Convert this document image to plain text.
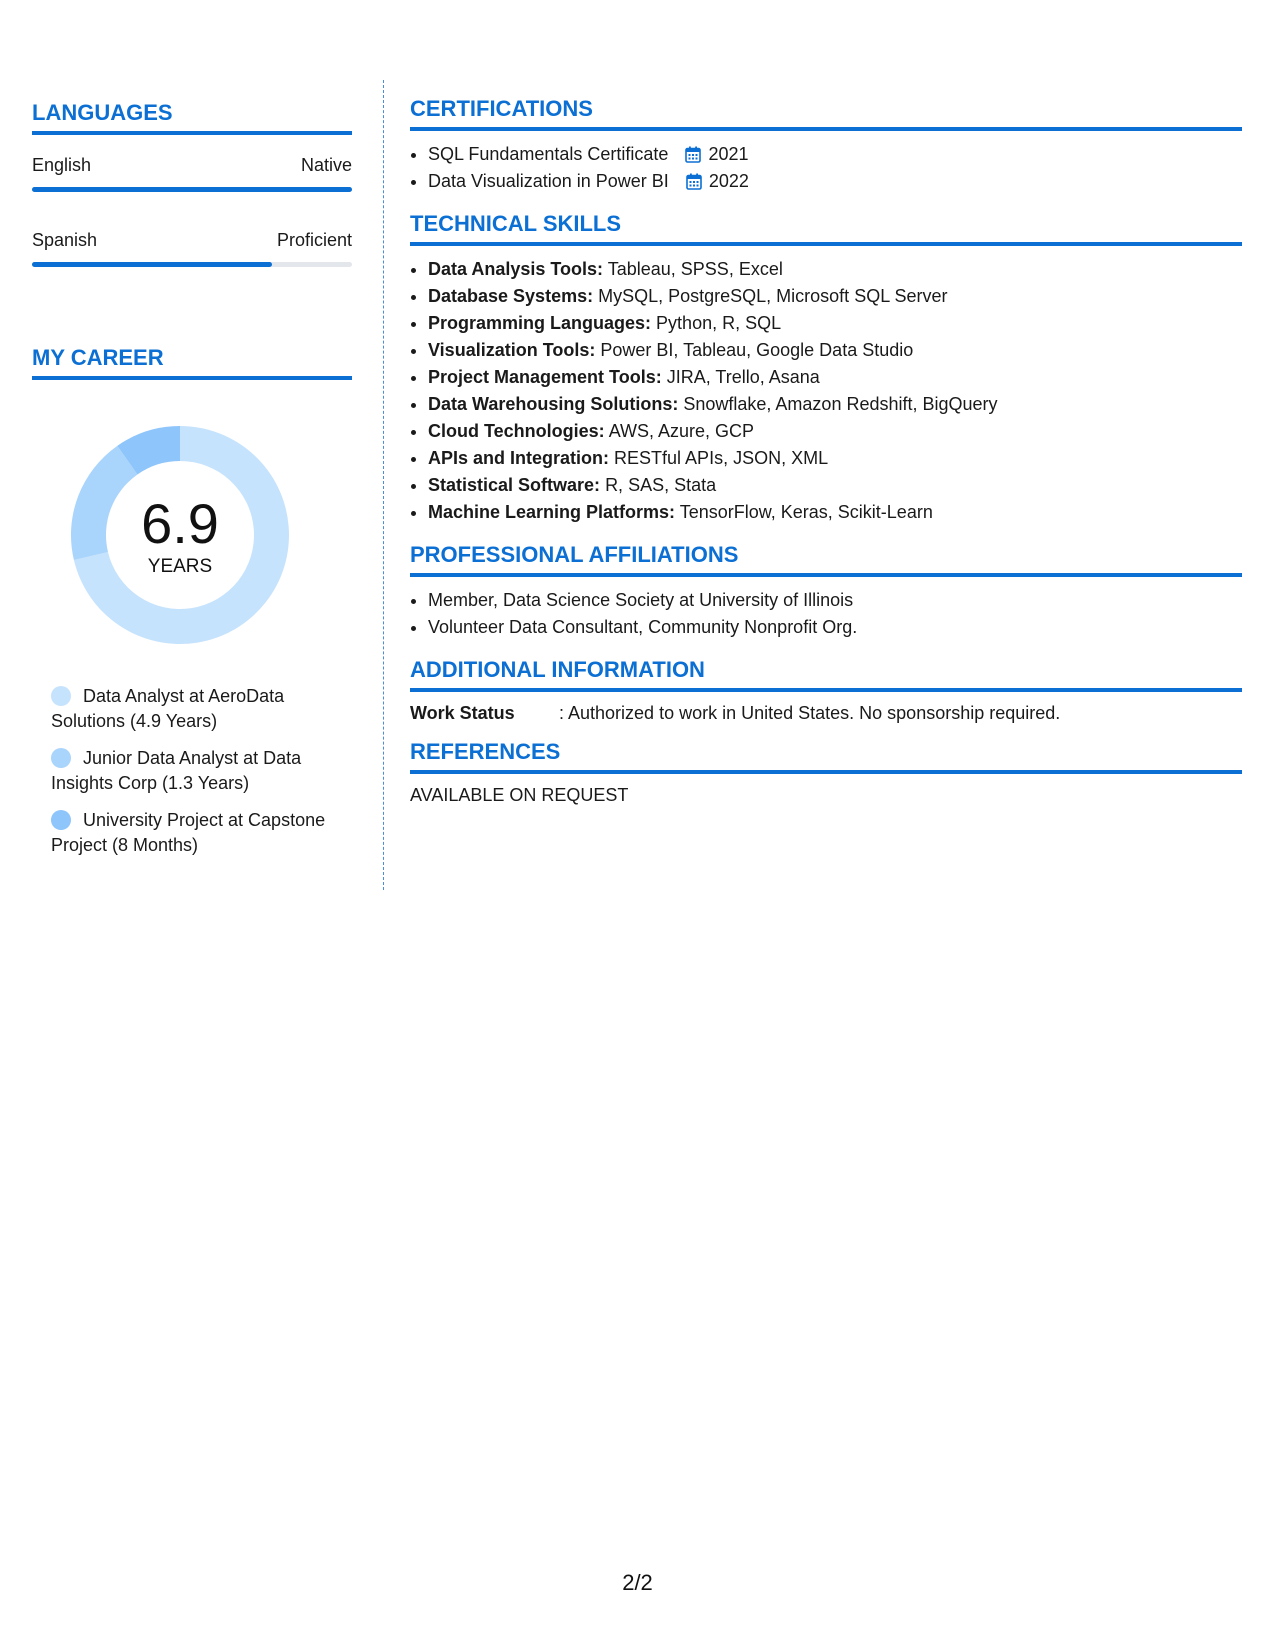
LANGUAGES
English	Native
Spanish	Proficient
MY CAREER
6.9
YEARS
Data Analyst at AeroData Solutions (4.9 Years)
Junior Data Analyst at Data Insights Corp (1.3 Years)
University Project at Capstone Project (8 Months)
CERTIFICATIONS
• SQL Fundamentals Certificate 2021
• Data Visualization in Power BI 2022
TECHNICAL SKILLS
• Data Analysis Tools: Tableau, SPSS, Excel
• Database Systems: MySQL, PostgreSQL, Microsoft SQL Server
• Programming Languages: Python, R, SQL
• Visualization Tools: Power BI, Tableau, Google Data Studio
• Project Management Tools: JIRA, Trello, Asana
• Data Warehousing Solutions: Snowflake, Amazon Redshift, BigQuery
• Cloud Technologies: AWS, Azure, GCP
• APIs and Integration: RESTful APIs, JSON, XML
• Statistical Software: R, SAS, Stata
• Machine Learning Platforms: TensorFlow, Keras, Scikit-Learn
PROFESSIONAL AFFILIATIONS
• Member, Data Science Society at University of Illinois
• Volunteer Data Consultant, Community Nonprofit Org.
ADDITIONAL INFORMATION
Work Status	: Authorized to work in United States. No sponsorship required.
REFERENCES
AVAILABLE ON REQUEST
2/2
